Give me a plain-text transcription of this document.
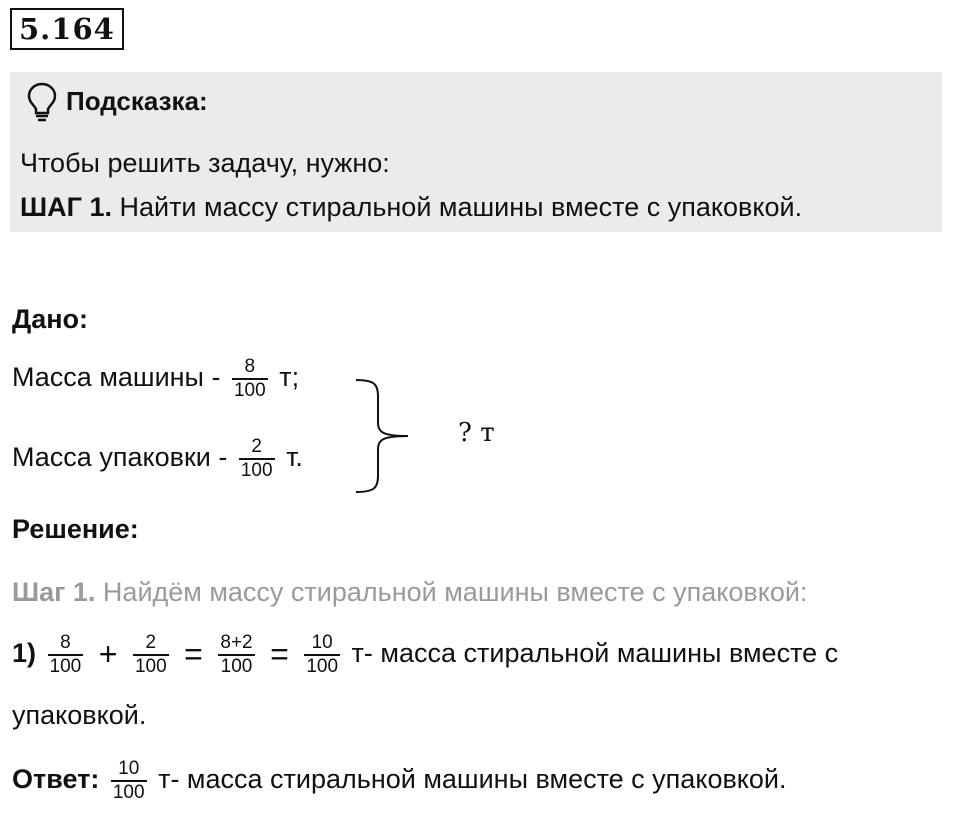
5.164
Подсказка:
Чтобы решить задачу, нужно:
ШАГ 1. Найти массу стиральной машины вместе с упаковкой.
Дано:
Масса машины - $\frac{8}{100} т$;
Масса упаковки - $\frac{2}{100} т$.
? т
Решение:
Шаг 1. Найдём массу стиральной машины вместе с упаковкой:
$1) \frac{8}{100} + \frac{2}{100} = \frac{8+2}{100} = \frac{10}{100} т-$ масса стиральной машины вместе с
упаковкой.
Ответ: $\frac{10}{100} т-$ масса стиральной машины вместе с упаковкой.
